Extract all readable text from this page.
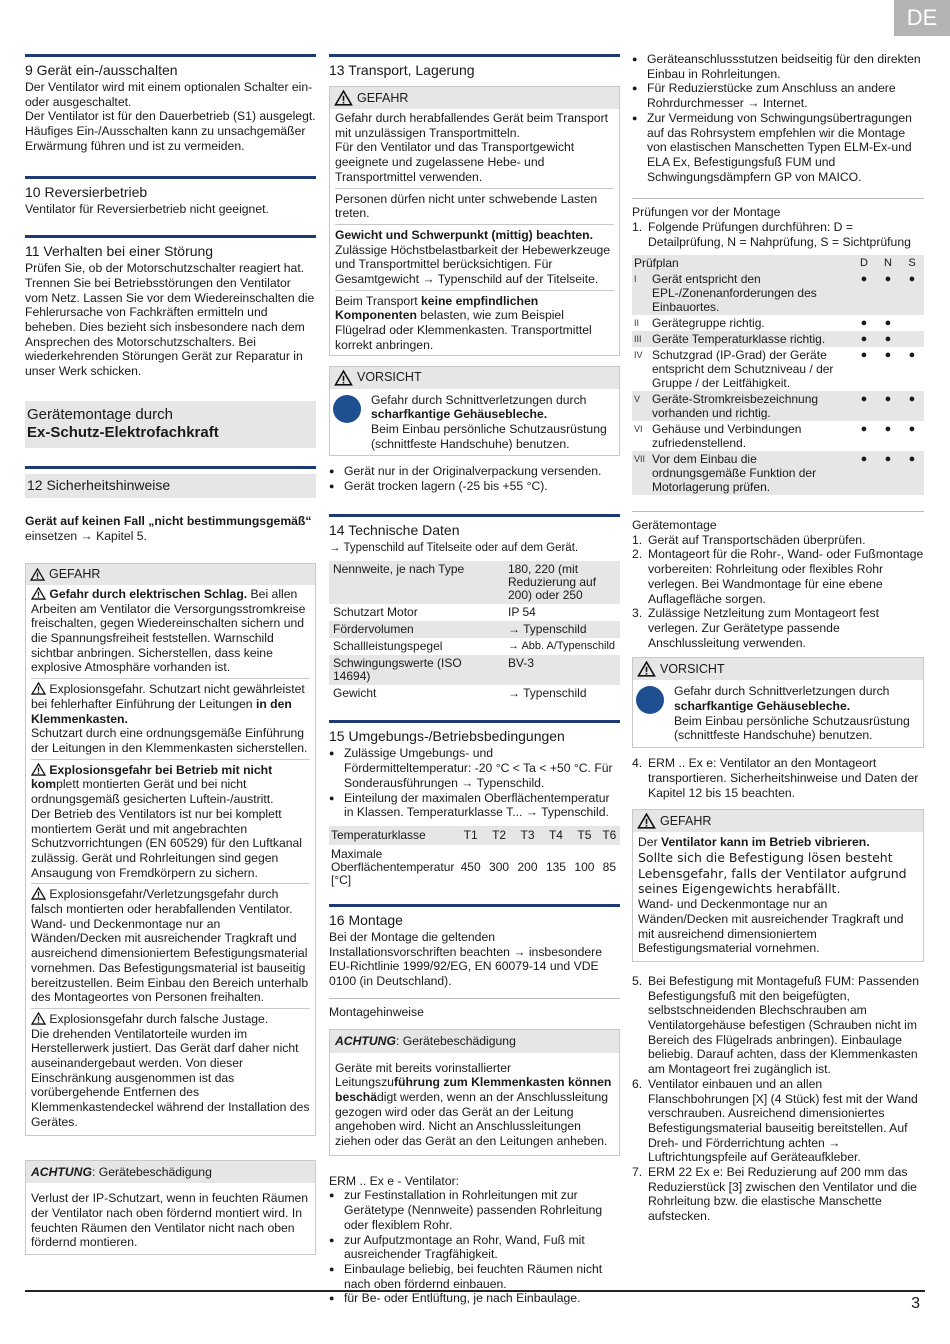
DE
9 Gerät ein-/ausschalten

Der Ventilator wird mit einem optionalen Schalter ein- oder ausgeschaltet.

Der Ventilator ist für den Dauerbetrieb (S1) ausgelegt. Häufiges Ein-/Ausschalten kann zu unsachgemäßer Erwärmung führen und ist zu vermeiden.

10 Reversierbetrieb

Ventilator für Reversierbetrieb nicht geeignet.

11 Verhalten bei einer Störung

Prüfen Sie, ob der Motorschutzschalter reagiert hat. Trennen Sie bei Betriebsstörungen den Ventilator vom Netz. Lassen Sie vor dem Wiedereinschalten die Fehlerursache von Fachkräften ermitteln und beheben. Dies bezieht sich insbesondere nach dem Ansprechen des Motorschutzschalters. Bei wiederkehrenden Störungen Gerät zur Reparatur in unser Werk schicken.

Gerätemontage durch
Ex-Schutz-Elektrofachkraft
12 Sicherheitshinweise

Gerät auf keinen Fall „nicht bestimmungsgemäß“
einsetzen → Kapitel 5.

GEFAHR
Gefahr durch elektrischen Schlag. Bei allen Arbeiten am Ventilator die Versorgungsstromkreise freischalten, gegen Wiedereinschalten sichern und die Spannungsfreiheit feststellen. Warnschild sichtbar anbringen. Sicherstellen, dass keine explosive Atmosphäre vorhanden ist.
Explosionsgefahr. Schutzart nicht gewährleistet bei fehlerhafter Einführung der Leitungen in den Klemmenkasten.
Schutzart durch eine ordnungsgemäße Einführung der Leitungen in den Klemmenkasten sicherstellen.
Explosionsgefahr bei Betrieb mit nicht komplett montierten Gerät und bei nicht ordnungsgemäß gesicherten Luftein-/austritt.
Der Betrieb des Ventilators ist nur bei komplett montiertem Gerät und mit angebrachten Schutzvorrichtungen (EN 60529) für den Luftkanal zulässig. Gerät und Rohrleitungen sind gegen Ansaugung von Fremdkörpern zu sichern.
Explosionsgefahr/Verletzungsgefahr durch falsch montierten oder herabfallenden Ventilator.
Wand- und Deckenmontage nur an Wänden/Decken mit ausreichender Tragkraft und ausreichend dimensioniertem Befestigungsmaterial vornehmen. Das Befestigungsmaterial ist bauseitig bereitzustellen. Beim Einbau den Bereich unterhalb des Montageortes von Personen freihalten.
Explosionsgefahr durch falsche Justage.
Die drehenden Ventilatorteile wurden im Herstellerwerk justiert. Das Gerät darf daher nicht auseinandergebaut werden. Von dieser Einschränkung ausgenommen ist das vorübergehende Entfernen des Klemmenkastendeckel während der Installation des Gerätes.
ACHTUNG: Gerätebeschädigung
Verlust der IP-Schutzart, wenn in feuchten Räumen der Ventilator nach oben fördernd montiert wird. In feuchten Räumen den Ventilator nicht nach oben fördernd montieren.
13 Transport, Lagerung
GEFAHR
Gefahr durch herabfallendes Gerät beim Transport mit unzulässigen Transportmitteln.
Für den Ventilator und das Transportgewicht geeignete und zugelassene Hebe- und Transportmittel verwenden.
Personen dürfen nicht unter schwebende Lasten treten.
Gewicht und Schwerpunkt (mittig) beachten. Zulässige Höchstbelastbarkeit der Hebewerkzeuge und Transportmittel berücksichtigen. Für Gesamtgewicht → Typenschild auf der Titelseite.
Beim Transport keine empfindlichen Komponenten belasten, wie zum Beispiel Flügelrad oder Klemmenkasten. Transportmittel korrekt anbringen.
VORSICHT
Gefahr durch Schnittverletzungen durch scharfkantige Gehäusebleche.
Beim Einbau persönliche Schutzausrüstung (schnittfeste Handschuhe) benutzen.
● Gerät nur in der Originalverpackung versenden.
● Gerät trocken lagern (-25 bis +55 °C).
14 Technische Daten

→ Typenschild auf Titelseite oder auf dem Gerät.

Nennweite, je nach Type	180, 220 (mit Reduzierung auf 200) oder 250
Schutzart Motor	IP 54
Fördervolumen	→ Typenschild
Schallleistungspegel	→ Abb. A/Typenschild
Schwingungswerte (ISO 14694)	BV-3
Gewicht	→ Typenschild
15 Umgebungs-/Betriebsbedingungen
● Zulässige Umgebungs- und Fördermitteltemperatur: -20 °C < Ta < +50 °C. Für Sonderausführungen → Typenschild.
● Einteilung der maximalen Oberflächentemperatur in Klassen. Temperaturklasse T... → Typenschild.
Temperaturklasse	T1	T2	T3	T4	T5	T6
Maximale Oberflächentemperatur [°C]	450	300	200	135	100	85
16 Montage

Bei der Montage die geltenden Installationsvorschriften beachten → insbesondere EU-Richtlinie 1999/92/EG, EN 60079-14 und VDE 0100 (in Deutschland).

Montagehinweise
ACHTUNG: Gerätebeschädigung
Geräte mit bereits vorinstallierter Leitungszuführung zum Klemmenkasten können beschädigt werden, wenn an der Anschlussleitung gezogen wird oder das Gerät an der Leitung angehoben wird. Nicht an Anschlussleitungen ziehen oder das Gerät an den Leitungen anheben.

ERM .. Ex e - Ventilator:

● zur Festinstallation in Rohrleitungen mit zur Gerätetype (Nennweite) passenden Rohrleitung oder flexiblem Rohr.
● zur Aufputzmontage an Rohr, Wand, Fuß mit ausreichender Tragfähigkeit.
● Einbaulage beliebig, bei feuchten Räumen nicht nach oben fördernd einbauen.
● für Be- oder Entlüftung, je nach Einbaulage.
● Geräteanschlussstutzen beidseitig für den direkten Einbau in Rohrleitungen.
● Für Reduzierstücke zum Anschluss an andere Rohrdurchmesser → Internet.
● Zur Vermeidung von Schwingungsübertragungen auf das Rohrsystem empfehlen wir die Montage von elastischen Manschetten Typen ELM-Ex-und ELA Ex, Befestigungsfuß FUM und Schwingungsdämpfern GP von MAICO.
Prüfungen vor der Montage
1. Folgende Prüfungen durchführen: D = Detailprüfung, N = Nahprüfung, S = Sichtprüfung
Prüfplan		D	N	S
I	Gerät entspricht den EPL-/Zonenanforderungen des Einbauortes.	●	●	●
II	Gerätegruppe richtig.	●	●	
III	Geräte Temperaturklasse richtig.	●	●	
IV	Schutzgrad (IP-Grad) der Geräte entspricht dem Schutzniveau / der Gruppe / der Leitfähigkeit.	●	●	●
V	Geräte-Stromkreisbezeichnung vorhanden und richtig.	●	●	●
VI	Gehäuse und Verbindungen zufriedenstellend.	●	●	●
VII	Vor dem Einbau die ordnungsgemäße Funktion der Motorlagerung prüfen.	●	●	●
Gerätemontage
1. Gerät auf Transportschäden überprüfen.
2. Montageort für die Rohr-, Wand- oder Fußmontage vorbereiten: Rohrleitung oder flexibles Rohr verlegen. Bei Wandmontage für eine ebene Auflagefläche sorgen.
3. Zulässige Netzleitung zum Montageort fest verlegen. Zur Gerätetype passende Anschlussleitung verwenden.
VORSICHT
Gefahr durch Schnittverletzungen durch scharfkantige Gehäusebleche.
Beim Einbau persönliche Schutzausrüstung (schnittfeste Handschuhe) benutzen.
4. ERM .. Ex e: Ventilator an den Montageort transportieren. Sicherheitshinweise und Daten der Kapitel 12 bis 15 beachten.
GEFAHR
Der Ventilator kann im Betrieb vibrieren.
Sollte sich die Befestigung lösen besteht Lebensgefahr, falls der Ventilator aufgrund seines Eigengewichts herabfällt.
Wand- und Deckenmontage nur an Wänden/Decken mit ausreichender Tragkraft und mit ausreichend dimensioniertem Befestigungsmaterial vornehmen.
5. Bei Befestigung mit Montagefuß FUM: Passenden Befestigungsfuß mit den beigefügten, selbstschneidenden Blechschrauben am Ventilatorgehäuse befestigen (Schrauben nicht im Bereich des Flügelrads anbringen). Einbaulage beliebig. Darauf achten, dass der Klemmenkasten am Montageort frei zugänglich ist.
6. Ventilator einbauen und an allen Flanschbohrungen [X] (4 Stück) fest mit der Wand verschrauben. Ausreichend dimensioniertes Befestigungsmaterial bauseitig bereitstellen. Auf Dreh- und Förderrichtung achten → Luftrichtungspfeile auf Geräteaufkleber.
7. ERM 22 Ex e: Bei Reduzierung auf 200 mm das Reduzierstück [3] zwischen den Ventilator und die Rohrleitung bzw. die elastische Manschette aufstecken.
3
